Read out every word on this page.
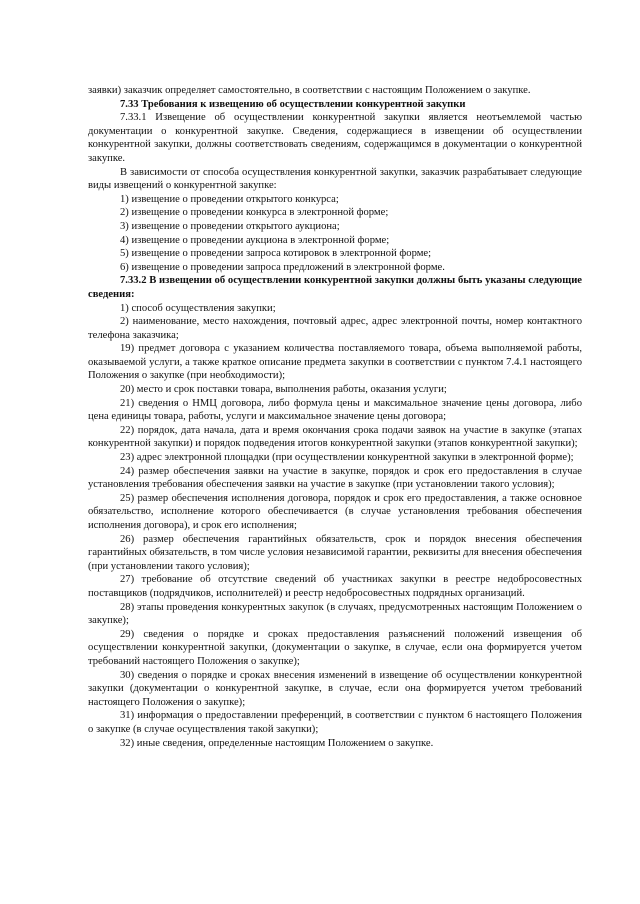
заявки) заказчик определяет самостоятельно, в соответствии с настоящим Положением о закупке.

7.33 Требования к извещению об осуществлении конкурентной закупки

7.33.1 Извещение об осуществлении конкурентной закупки является неотъемлемой частью документации о конкурентной закупке. Сведения, содержащиеся в извещении об осуществлении конкурентной закупки, должны соответствовать сведениям, содержащимся в документации о конкурентной закупке.

В зависимости от способа осуществления конкурентной закупки, заказчик разрабатывает следующие виды извещений о конкурентной закупке:

1) извещение о проведении открытого конкурса;

2) извещение о проведении конкурса в электронной форме;

3) извещение о проведении открытого аукциона;

4) извещение о проведении аукциона в электронной форме;

5) извещение о проведении запроса котировок в электронной форме;

6) извещение о проведении запроса предложений в электронной форме.

7.33.2 В извещении об осуществлении конкурентной закупки должны быть указаны следующие сведения:

1) способ осуществления закупки;

2) наименование, место нахождения, почтовый адрес, адрес электронной почты, номер контактного телефона заказчика;

19) предмет договора с указанием количества поставляемого товара, объема выполняемой работы, оказываемой услуги, а также краткое описание предмета закупки в соответствии с пунктом 7.4.1 настоящего Положения о закупке (при необходимости);

20) место и срок поставки товара, выполнения работы, оказания услуги;

21) сведения о НМЦ договора, либо формула цены и максимальное значение цены договора, либо цена единицы товара, работы, услуги и максимальное значение цены договора;

22) порядок, дата начала, дата и время окончания срока подачи заявок на участие в закупке (этапах конкурентной закупки) и порядок подведения итогов конкурентной закупки (этапов конкурентной закупки);

23) адрес электронной площадки (при осуществлении конкурентной закупки в электронной форме);

24) размер обеспечения заявки на участие в закупке, порядок и срок его предоставления в случае установления требования обеспечения заявки на участие в закупке (при установлении такого условия);

25) размер обеспечения исполнения договора, порядок и срок его предоставления, а также основное обязательство, исполнение которого обеспечивается (в случае установления требования обеспечения исполнения договора), и срок его исполнения;

26) размер обеспечения гарантийных обязательств, срок и порядок внесения обеспечения гарантийных обязательств, в том числе условия независимой гарантии, реквизиты для внесения обеспечения (при установлении такого условия);

27) требование об отсутствие сведений об участниках закупки в реестре недобросовестных поставщиков (подрядчиков, исполнителей) и реестр недобросовестных подрядных организаций.

28) этапы проведения конкурентных закупок (в случаях, предусмотренных настоящим Положением о закупке);

29) сведения о порядке и сроках предоставления разъяснений положений извещения об осуществлении конкурентной закупки, (документации о закупке, в случае, если она формируется учетом требований настоящего Положения о закупке);

30) сведения о порядке и сроках внесения изменений в извещение об осуществлении конкурентной закупки (документации о конкурентной закупке, в случае, если она формируется учетом требований настоящего Положения о закупке);

31) информация о предоставлении преференций, в соответствии с пунктом 6 настоящего Положения о закупке (в случае осуществления такой закупки);

32) иные сведения, определенные настоящим Положением о закупке.
